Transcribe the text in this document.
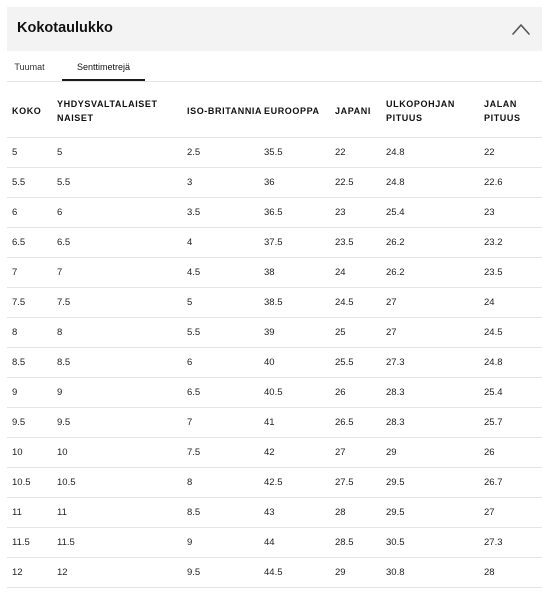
Kokotaulukko
Tuumat	Senttimetrejä
KOKO	YHDYSVALTALAISET NAISET	ISO-BRITANNIA	EUROOPPA	JAPANI	ULKOPOHJAN PITUUS	JALAN PITUUS
5	5	2.5	35.5	22	24.8	22
5.5	5.5	3	36	22.5	24.8	22.6
6	6	3.5	36.5	23	25.4	23
6.5	6.5	4	37.5	23.5	26.2	23.2
7	7	4.5	38	24	26.2	23.5
7.5	7.5	5	38.5	24.5	27	24
8	8	5.5	39	25	27	24.5
8.5	8.5	6	40	25.5	27.3	24.8
9	9	6.5	40.5	26	28.3	25.4
9.5	9.5	7	41	26.5	28.3	25.7
10	10	7.5	42	27	29	26
10.5	10.5	8	42.5	27.5	29.5	26.7
11	11	8.5	43	28	29.5	27
11.5	11.5	9	44	28.5	30.5	27.3
12	12	9.5	44.5	29	30.8	28
